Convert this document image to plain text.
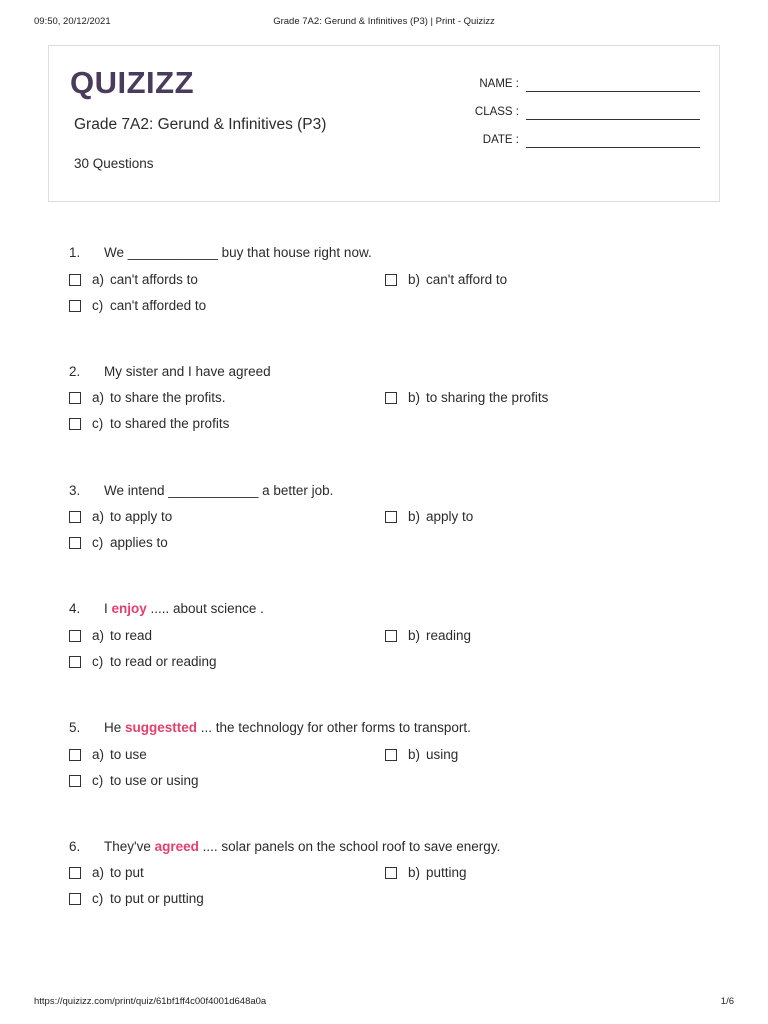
09:50, 20/12/2021	Grade 7A2: Gerund & Infinitives (P3) | Print - Quizizz
QUIZIZZ
Grade 7A2: Gerund & Infinitives (P3)
30 Questions
NAME :
CLASS :
DATE :
1. We ____________ buy that house right now.
a) can't affords to	b) can't afford to
c) can't afforded to
2. My sister and I have agreed
a) to share the profits.	b) to sharing the profits
c) to shared the profits
3. We intend ____________ a better job.
a) to apply to	b) apply to
c) applies to
4. I enjoy ..... about science .
a) to read	b) reading
c) to read or reading
5. He suggestted ... the technology for other forms to transport.
a) to use	b) using
c) to use or using
6. They've agreed .... solar panels on the school roof to save energy.
a) to put	b) putting
c) to put or putting
https://quizizz.com/print/quiz/61bf1ff4c00f4001d648a0a	1/6
